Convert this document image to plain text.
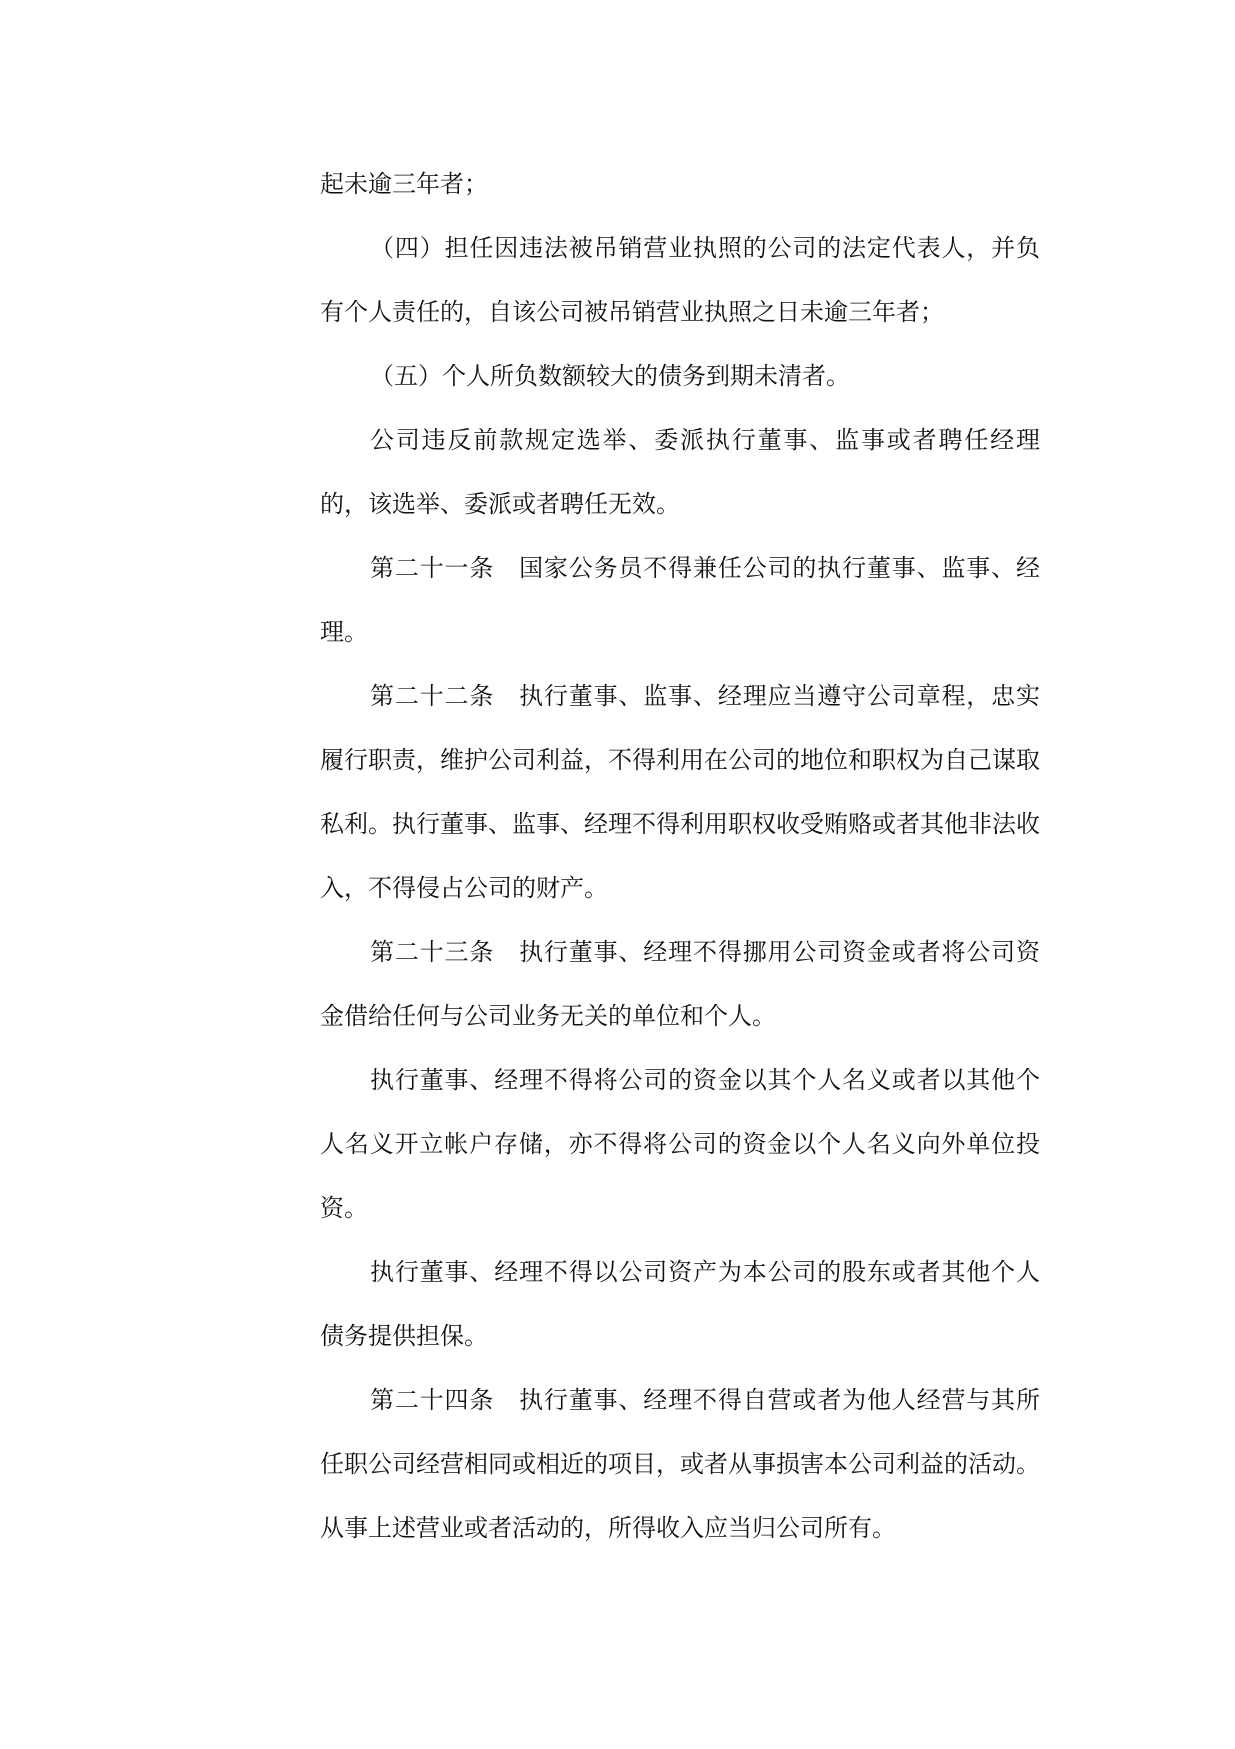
起未逾三年者；

（四）担任因违法被吊销营业执照的公司的法定代表人，并负有个人责任的，自该公司被吊销营业执照之日未逾三年者；

（五）个人所负数额较大的债务到期未清者。

公司违反前款规定选举、委派执行董事、监事或者聘任经理的，该选举、委派或者聘任无效。

第二十一条 国家公务员不得兼任公司的执行董事、监事、经理。

第二十二条 执行董事、监事、经理应当遵守公司章程，忠实履行职责，维护公司利益，不得利用在公司的地位和职权为自己谋取私利。执行董事、监事、经理不得利用职权收受贿赂或者其他非法收入，不得侵占公司的财产。

第二十三条 执行董事、经理不得挪用公司资金或者将公司资金借给任何与公司业务无关的单位和个人。

执行董事、经理不得将公司的资金以其个人名义或者以其他个人名义开立帐户存储，亦不得将公司的资金以个人名义向外单位投资。

执行董事、经理不得以公司资产为本公司的股东或者其他个人债务提供担保。

第二十四条 执行董事、经理不得自营或者为他人经营与其所任职公司经营相同或相近的项目，或者从事损害本公司利益的活动。从事上述营业或者活动的，所得收入应当归公司所有。
